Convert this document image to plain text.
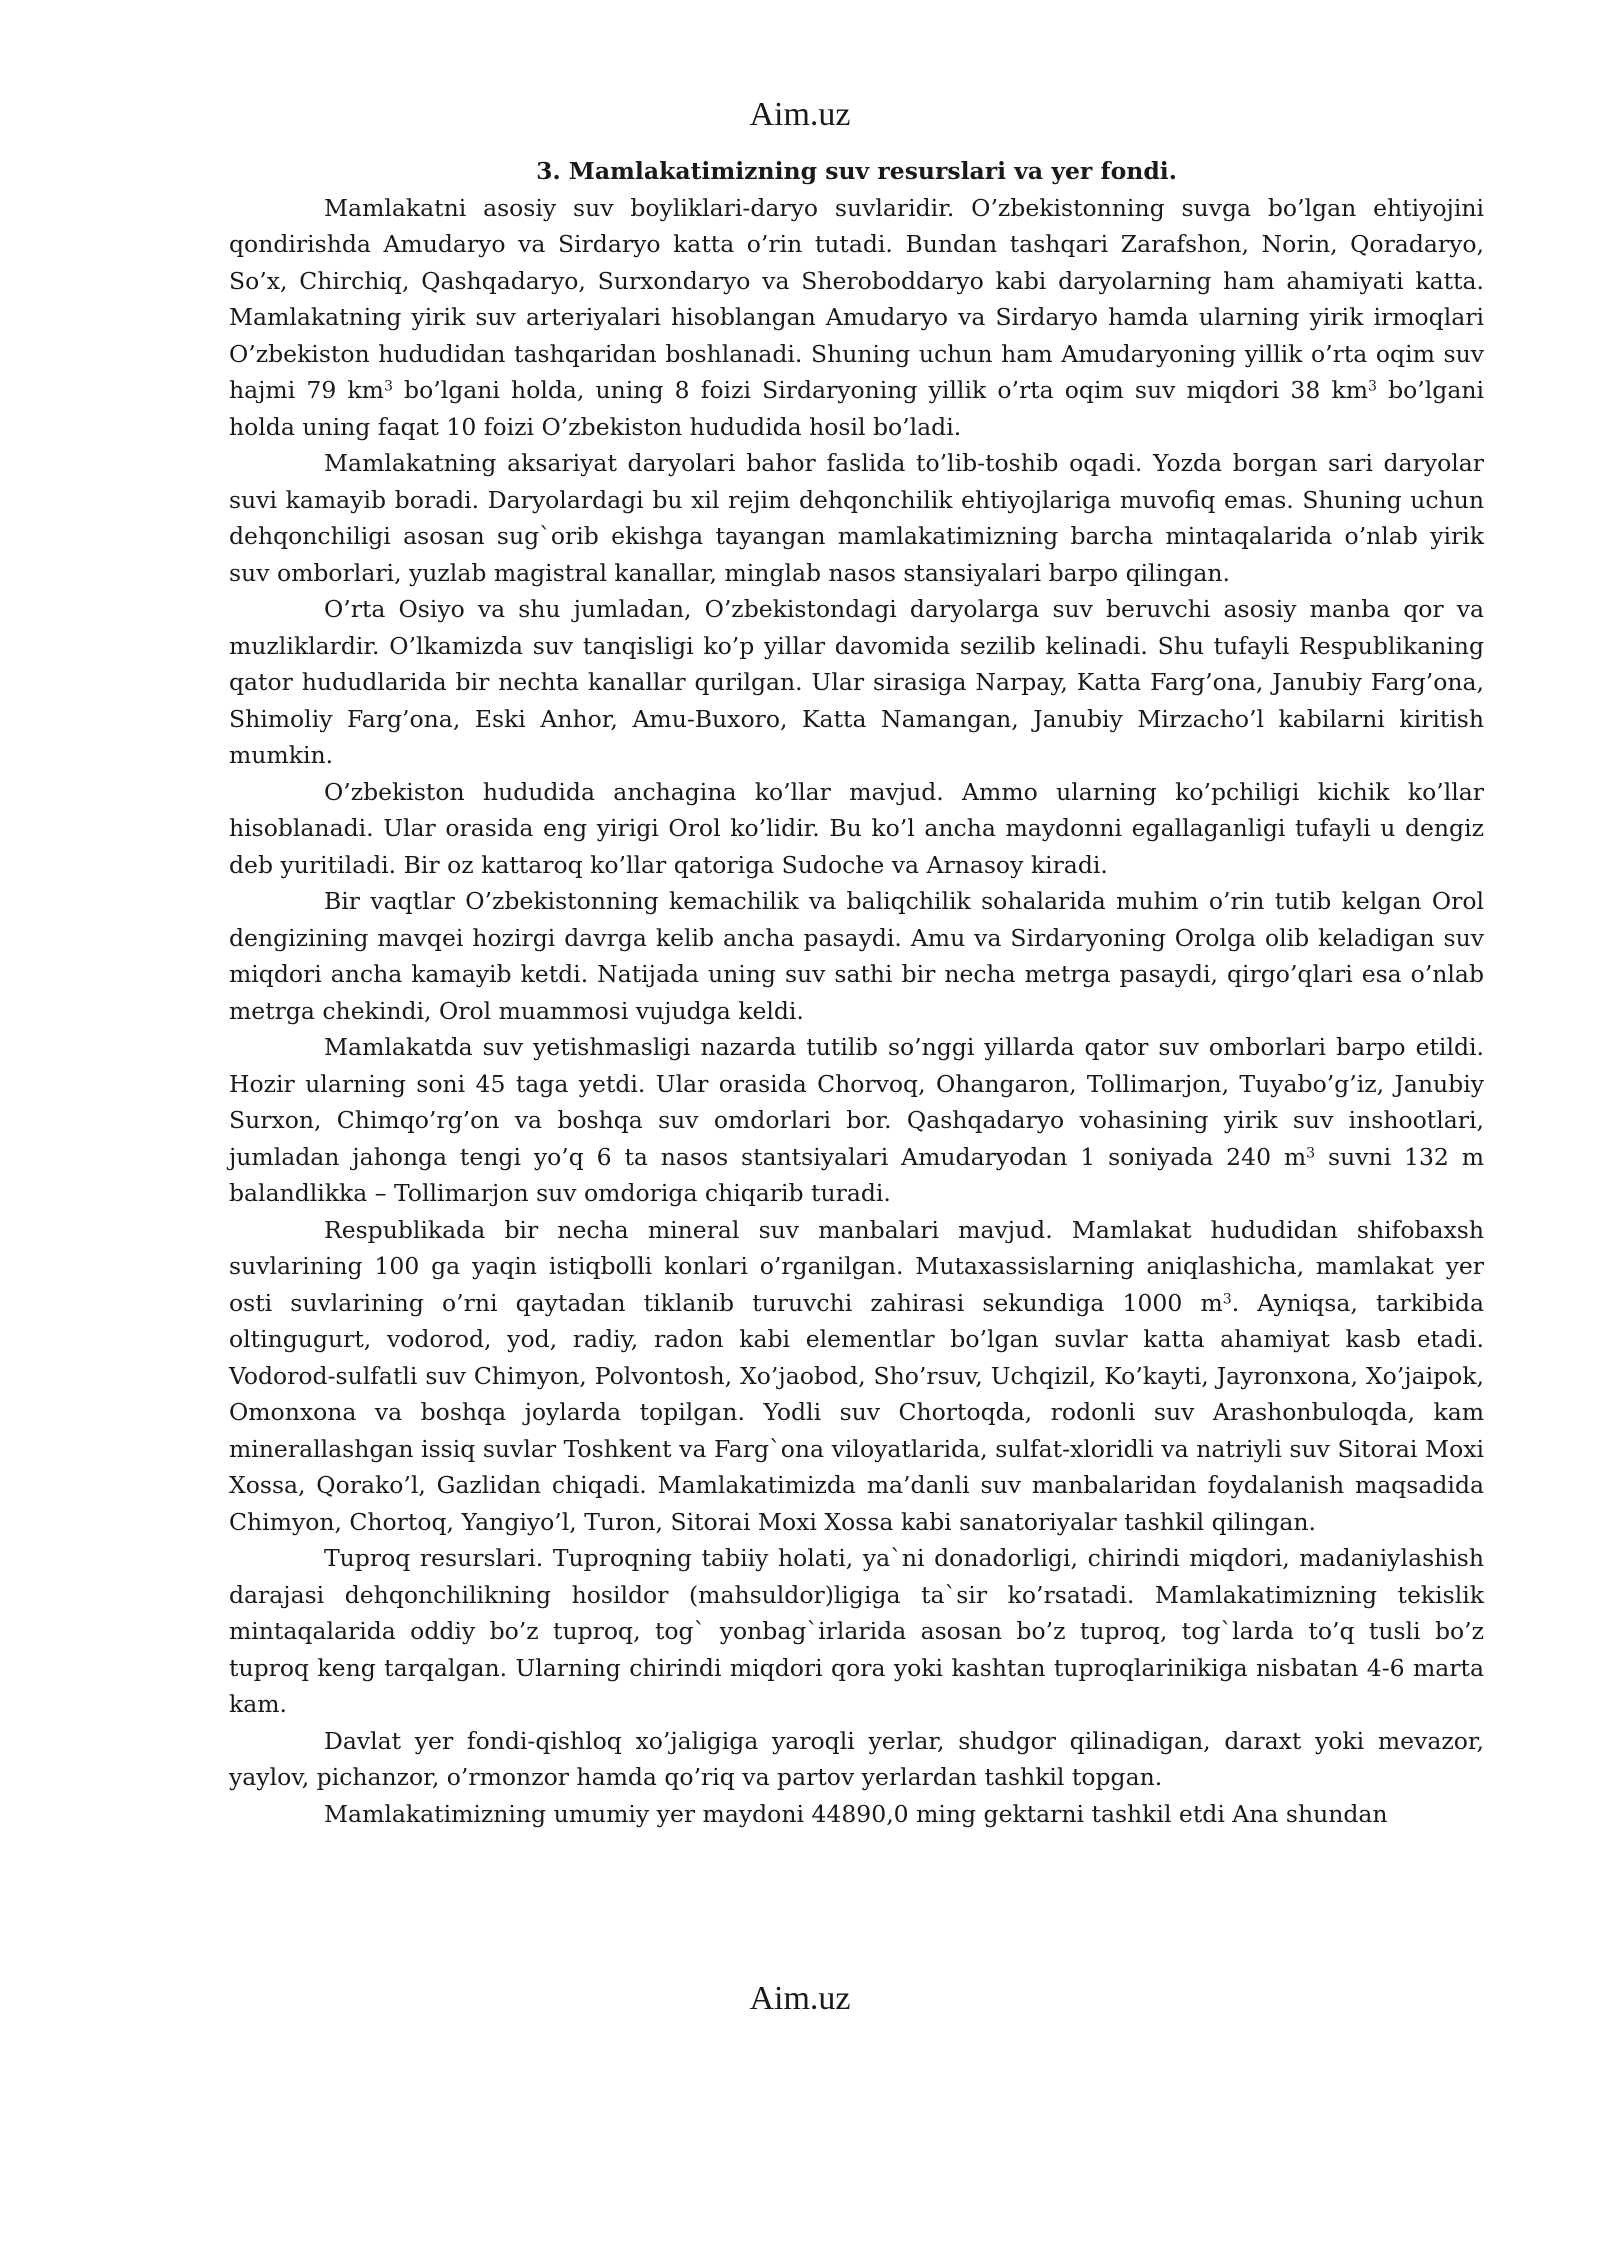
Aim.uz

3. Mamlakatimizning suv resurslari va yer fondi.

Mamlakatni asosiy suv boyliklari-daryo suvlaridir. O’zbekistonning suvga bo’lgan ehtiyojini qondirishda Amudaryo va Sirdaryo katta o’rin tutadi. Bundan tashqari Zarafshon, Norin, Qoradaryo, So’x, Chirchiq, Qashqadaryo, Surxondaryo va Sheroboddaryo kabi daryolarning ham ahamiyati katta. Mamlakatning yirik suv arteriyalari hisoblangan Amudaryo va Sirdaryo hamda ularning yirik irmoqlari O’zbekiston hududidan tashqaridan boshlanadi. Shuning uchun ham Amudaryoning yillik o’rta oqim suv hajmi 79 $km^3$ bo’lgani holda, uning 8 foizi Sirdaryoning yillik o’rta oqim suv miqdori 38 $km^3$ bo’lgani holda uning faqat 10 foizi O’zbekiston hududida hosil bo’ladi.

Mamlakatning aksariyat daryolari bahor faslida to’lib-toshib oqadi. Yozda borgan sari daryolar suvi kamayib boradi. Daryolardagi bu xil rejim dehqonchilik ehtiyojlariga muvofiq emas. Shuning uchun dehqonchiligi asosan sug`orib ekishga tayangan mamlakatimizning barcha mintaqalarida o’nlab yirik suv omborlari, yuzlab magistral kanallar, minglab nasos stansiyalari barpo qilingan.

O’rta Osiyo va shu jumladan, O’zbekistondagi daryolarga suv beruvchi asosiy manba qor va muzliklardir. O’lkamizda suv tanqisligi ko’p yillar davomida sezilib kelinadi. Shu tufayli Respublikaning qator hududlarida bir nechta kanallar qurilgan. Ular sirasiga Narpay, Katta Farg’ona, Janubiy Farg’ona, Shimoliy Farg’ona, Eski Anhor, Amu-Buxoro, Katta Namangan, Janubiy Mirzacho’l kabilarni kiritish mumkin.

O’zbekiston hududida anchagina ko’llar mavjud. Ammo ularning ko’pchiligi kichik ko’llar hisoblanadi. Ular orasida eng yirigi Orol ko’lidir. Bu ko’l ancha maydonni egallaganligi tufayli u dengiz deb yuritiladi. Bir oz kattaroq ko’llar qatoriga Sudoche va Arnasoy kiradi.

Bir vaqtlar O’zbekistonning kemachilik va baliqchilik sohalarida muhim o’rin tutib kelgan Orol dengizining mavqei hozirgi davrga kelib ancha pasaydi. Amu va Sirdaryoning Orolga olib keladigan suv miqdori ancha kamayib ketdi. Natijada uning suv sathi bir necha metrga pasaydi, qirgo’qlari esa o’nlab metrga chekindi, Orol muammosi vujudga keldi.

Mamlakatda suv yetishmasligi nazarda tutilib so’nggi yillarda qator suv omborlari barpo etildi. Hozir ularning soni 45 taga yetdi. Ular orasida Chorvoq, Ohangaron, Tollimarjon, Tuyabo’g’iz, Janubiy Surxon, Chimqo’rg’on va boshqa suv omdorlari bor. Qashqadaryo vohasining yirik suv inshootlari, jumladan jahonga tengi yo’q 6 ta nasos stantsiyalari Amudaryodan 1 soniyada 240 $m^3$ suvni 132 m balandlikka – Tollimarjon suv omdoriga chiqarib turadi.

Respublikada bir necha mineral suv manbalari mavjud. Mamlakat hududidan shifobaxsh suvlarining 100 ga yaqin istiqbolli konlari o’rganilgan. Mutaxassislarning aniqlashicha, mamlakat yer osti suvlarining o’rni qaytadan tiklanib turuvchi zahirasi sekundiga 1000 $m^3$. Ayniqsa, tarkibida oltingugurt, vodorod, yod, radiy, radon kabi elementlar bo’lgan suvlar katta ahamiyat kasb etadi. Vodorod-sulfatli suv Chimyon, Polvontosh, Xo’jaobod, Sho’rsuv, Uchqizil, Ko’kayti, Jayronxona, Xo’jaipok, Omonxona va boshqa joylarda topilgan. Yodli suv Chortoqda, rodonli suv Arashonbuloqda, kam minerallashgan issiq suvlar Toshkent va Farg`ona viloyatlarida, sulfat-xloridli va natriyli suv Sitorai Moxi Xossa, Qorako’l, Gazlidan chiqadi. Mamlakatimizda ma’danli suv manbalaridan foydalanish maqsadida Chimyon, Chortoq, Yangiyo’l, Turon, Sitorai Moxi Xossa kabi sanatoriyalar tashkil qilingan.

Tuproq resurslari. Tuproqning tabiiy holati, ya`ni donadorligi, chirindi miqdori, madaniylashish darajasi dehqonchilikning hosildor (mahsuldor)ligiga ta`sir ko’rsatadi. Mamlakatimizning tekislik mintaqalarida oddiy bo’z tuproq, tog` yonbag`irlarida asosan bo’z tuproq, tog`larda to’q tusli bo’z tuproq keng tarqalgan. Ularning chirindi miqdori qora yoki kashtan tuproqlarinikiga nisbatan 4-6 marta kam.

Davlat yer fondi-qishloq xo’jaligiga yaroqli yerlar, shudgor qilinadigan, daraxt yoki mevazor, yaylov, pichanzor, o’rmonzor hamda qo’riq va partov yerlardan tashkil topgan.

Mamlakatimizning umumiy yer maydoni 44890,0 ming gektarni tashkil etdi Ana shundan

Aim.uz
